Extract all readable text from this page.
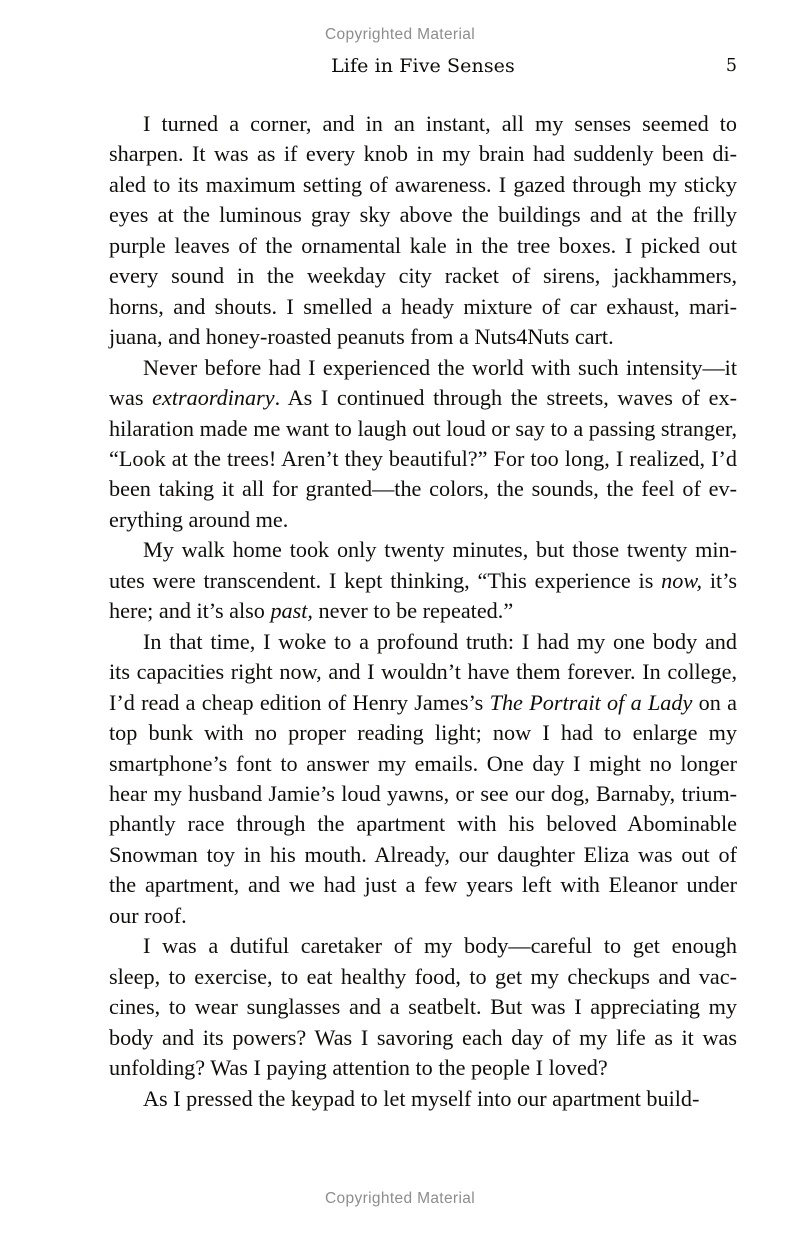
Copyrighted Material
Life in Five Senses	5

I turned a corner, and in an instant, all my senses seemed to
sharpen. It was as if every knob in my brain had suddenly been di-
aled to its maximum setting of awareness. I gazed through my sticky
eyes at the luminous gray sky above the buildings and at the frilly
purple leaves of the ornamental kale in the tree boxes. I picked out
every sound in the weekday city racket of sirens, jackhammers,
horns, and shouts. I smelled a heady mixture of car exhaust, mari-
juana, and honey-roasted peanuts from a Nuts4Nuts cart.

Never before had I experienced the world with such intensity—it
was extraordinary. As I continued through the streets, waves of ex-
hilaration made me want to laugh out loud or say to a passing stranger,
“Look at the trees! Aren’t they beautiful?” For too long, I realized, I’d
been taking it all for granted—the colors, the sounds, the feel of ev-
erything around me.

My walk home took only twenty minutes, but those twenty min-
utes were transcendent. I kept thinking, “This experience is now, it’s
here; and it’s also past, never to be repeated.”

In that time, I woke to a profound truth: I had my one body and
its capacities right now, and I wouldn’t have them forever. In college,
I’d read a cheap edition of Henry James’s The Portrait of a Lady on a
top bunk with no proper reading light; now I had to enlarge my
smartphone’s font to answer my emails. One day I might no longer
hear my husband Jamie’s loud yawns, or see our dog, Barnaby, trium-
phantly race through the apartment with his beloved Abominable
Snowman toy in his mouth. Already, our daughter Eliza was out of
the apartment, and we had just a few years left with Eleanor under
our roof.

I was a dutiful caretaker of my body—careful to get enough
sleep, to exercise, to eat healthy food, to get my checkups and vac-
cines, to wear sunglasses and a seatbelt. But was I appreciating my
body and its powers? Was I savoring each day of my life as it was
unfolding? Was I paying attention to the people I loved?

As I pressed the keypad to let myself into our apartment build-

Copyrighted Material
